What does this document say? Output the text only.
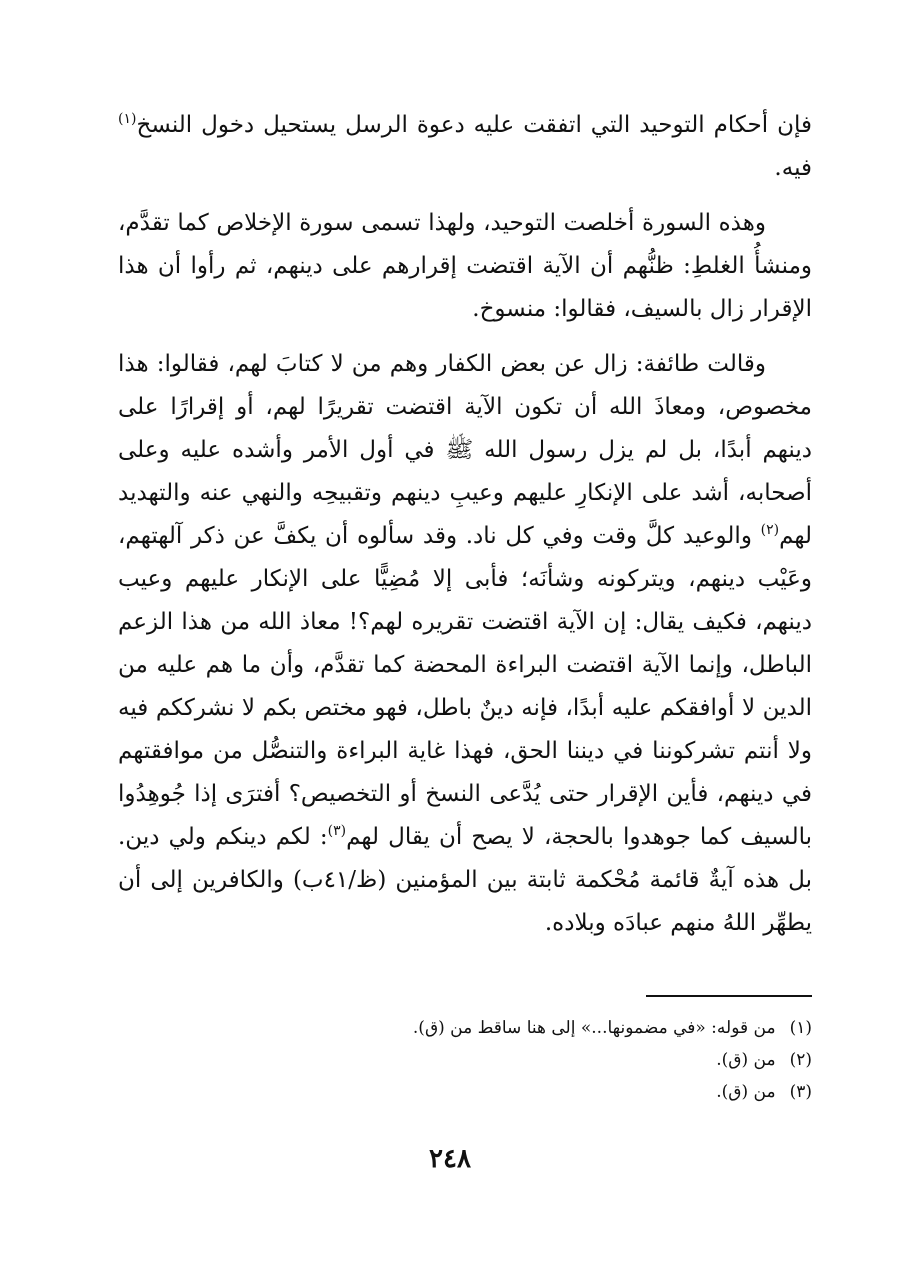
فإن أحكام التوحيد التي اتفقت عليه دعوة الرسل يستحيل دخول النسخ$^{(١)}$ فيه.

وهذه السورة أخلصت التوحيد، ولهذا تسمى سورة الإخلاص كما تقدَّم، ومنشأُ الغلطِ: ظنُّهم أن الآية اقتضت إقرارهم على دينهم، ثم رأوا أن هذا الإقرار زال بالسيف، فقالوا: منسوخ.

وقالت طائفة: زال عن بعض الكفار وهم من لا كتابَ لهم، فقالوا: هذا مخصوص، ومعاذَ الله أن تكون الآية اقتضت تقريرًا لهم، أو إقرارًا على دينهم أبدًا، بل لم يزل رسول الله ﷺ في أول الأمر وأشده عليه وعلى أصحابه، أشد على الإنكارِ عليهم وعيبِ دينهم وتقبيحِه والنهي عنه والتهديد لهم$^{(٢)}$ والوعيد كلَّ وقت وفي كل ناد. وقد سألوه أن يكفَّ عن ذكر آلهتهم، وعَيْب دينهم، ويتركونه وشأنَه؛ فأبى إلا مُضِيًّا على الإنكار عليهم وعيب دينهم، فكيف يقال: إن الآية اقتضت تقريره لهم؟! معاذ الله من هذا الزعم الباطل، وإنما الآية اقتضت البراءة المحضة كما تقدَّم، وأن ما هم عليه من الدين لا أوافقكم عليه أبدًا، فإنه دينٌ باطل، فهو مختص بكم لا نشرككم فيه ولا أنتم تشركوننا في ديننا الحق، فهذا غاية البراءة والتنصُّل من موافقتهم في دينهم، فأين الإقرار حتى يُدَّعى النسخ أو التخصيص؟ أفترَى إذا جُوهِدُوا بالسيف كما جوهدوا بالحجة، لا يصح أن يقال لهم$^{(٣)}$: لكم دينكم ولي دين. بل هذه آيةٌ قائمة مُحْكمة ثابتة بين المؤمنين (ظ/٤١ب) والكافرين إلى أن يطهِّر اللهُ منهم عبادَه وبلاده.

(١)من قوله: «في مضمونها...» إلى هنا ساقط من (ق).
(٢)من (ق).
(٣)من (ق).
٢٤٨
